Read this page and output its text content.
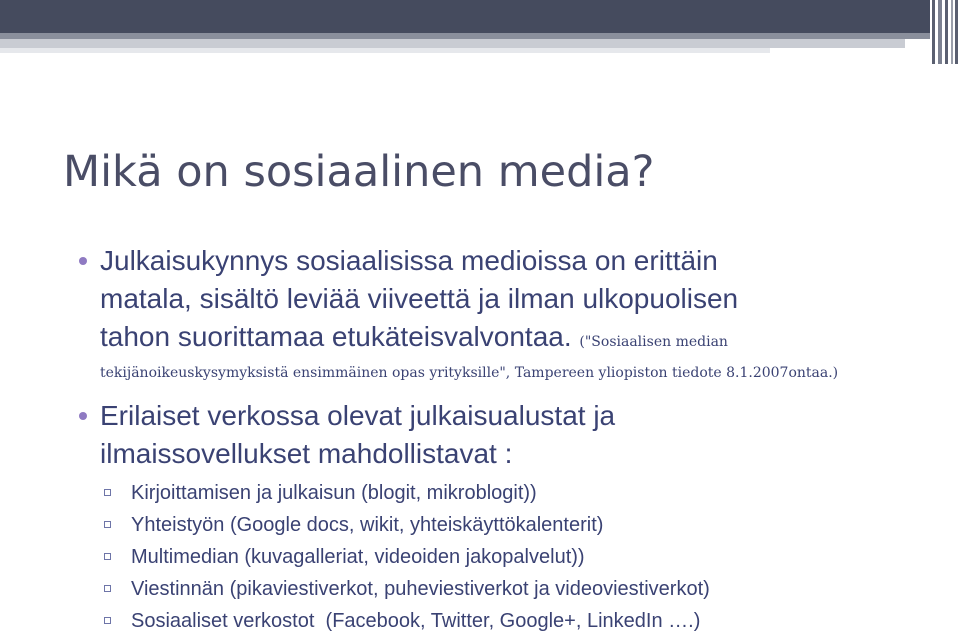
Mikä on sosiaalinen media?
Julkaisukynnys sosiaalisissa medioissa on erittäin
matala, sisältö leviää viiveettä ja ilman ulkopuolisen
tahon suorittamaa etukäteisvalvontaa. ("Sosiaalisen median
tekijänoikeuskysymyksistä ensimmäinen opas yrityksille", Tampereen yliopiston tiedote 8.1.2007ontaa.)
Erilaiset verkossa olevat julkaisualustat ja
ilmaissovellukset mahdollistavat :
Kirjoittamisen ja julkaisun (blogit, mikroblogit))
Yhteistyön (Google docs, wikit, yhteiskäyttökalenterit)
Multimedian (kuvagalleriat, videoiden jakopalvelut))
Viestinnän (pikaviestiverkot, puheviestiverkot ja videoviestiverkot)
Sosiaaliset verkostot  (Facebook, Twitter, Google+, LinkedIn ….)
